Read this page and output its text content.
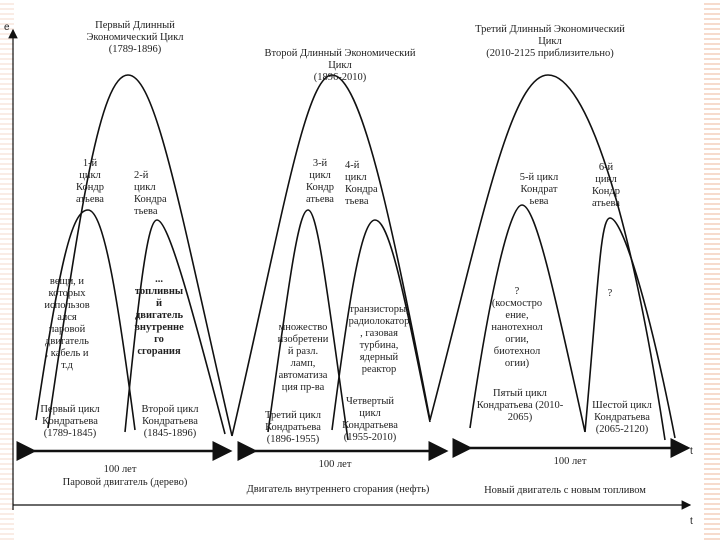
e
t
t
Первый Длинный
Экономический Цикл
(1789-1896)	Второй Длинный Экономический Цикл
(1896-2010)
Третий Длинный Экономический
Цикл
(2010-2125 приблизительно)
1-й
цикл
Кондр
атьева
2-й
цикл
Кондра
тьева
3-й
цикл
Кондр
атьева
4-й
цикл
Кондра
тьева
5-й цикл
Кондрат
ьева
6-й
цикл
Кондр
атьева
вещи, и
которых
использов
ался
паровой
двигатель
, кабель и
т.д
...
топливны
й
двигатель
внутренне
го
сгорания
множество
изобретени
й разл.
ламп,
автоматиза
ция пр-ва
транзисторы,
радиолокатор
, газовая
турбина,
ядерный
реактор
?
(космостро
ение,
нанотехнол
огии,
биотехнол
огии)
?
Первый цикл
Кондратьева
(1789-1845)
Второй цикл
Кондратьева
(1845-1896)
Третий цикл
Кондратьева
(1896-1955)
Четвертый
цикл
Кондратьева
(1955-2010)
Пятый цикл
Кондратьева (2010-
2065)
Шестой цикл
Кондратьева
(2065-2120)
100 лет
Паровой двигатель (дерево)
100 лет
Двигатель внутреннего сгорания (нефть)
100 лет
Новый двигатель с новым топливом
